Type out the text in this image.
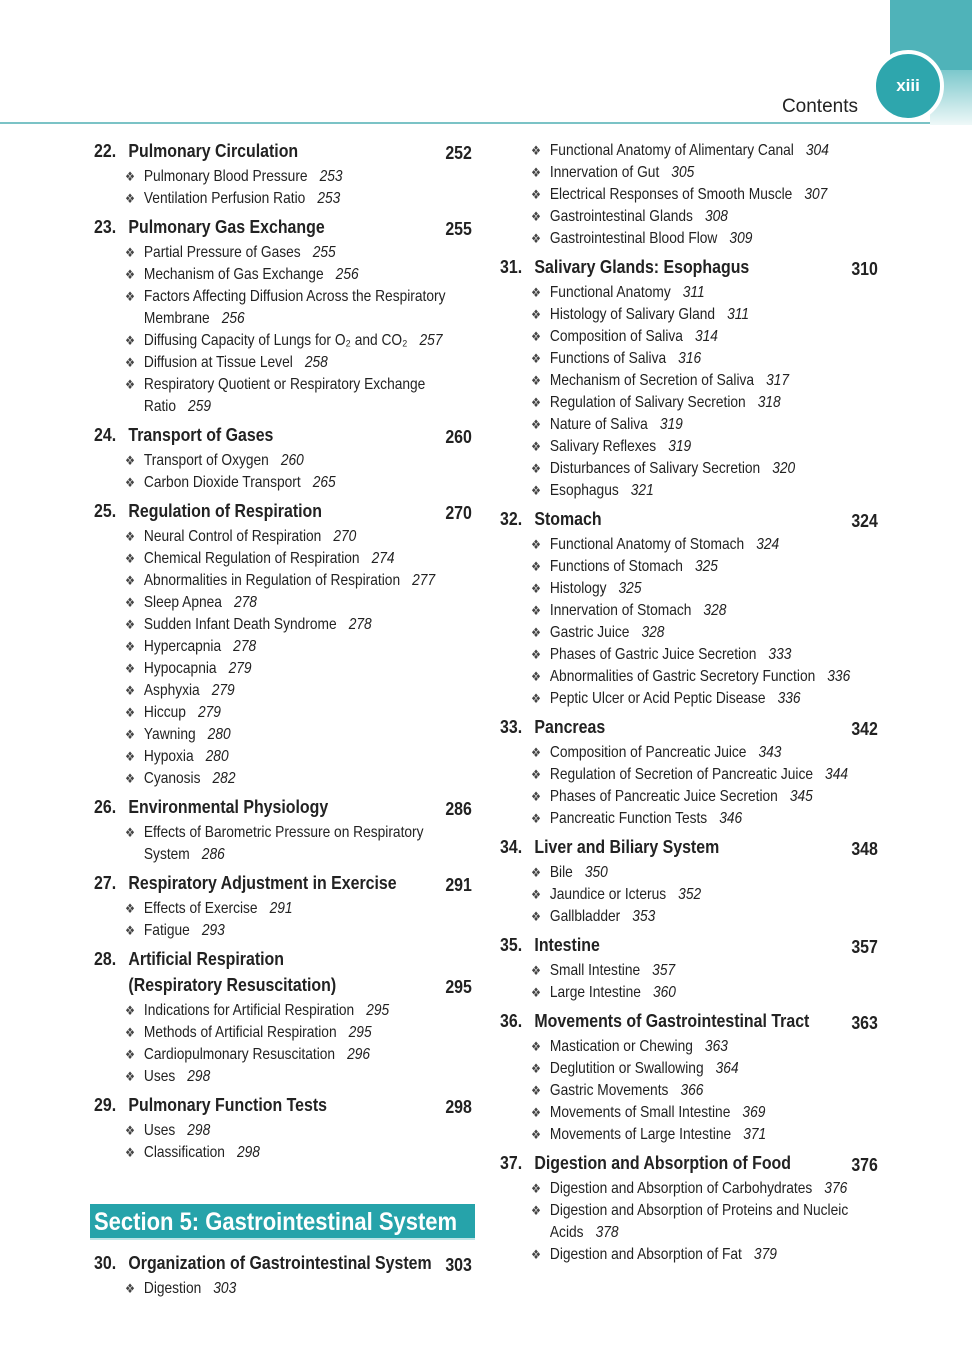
xiii
Contents
22. Pulmonary Circulation	252
❖ Pulmonary Blood Pressure 253
❖ Ventilation Perfusion Ratio 253
23. Pulmonary Gas Exchange	255
❖ Partial Pressure of Gases 255
❖ Mechanism of Gas Exchange 256
❖ Factors Affecting Diffusion Across the Respiratory
Membrane 256
❖ Diffusing Capacity of Lungs for O₂ and CO₂ 257
❖ Diffusion at Tissue Level 258
❖ Respiratory Quotient or Respiratory Exchange
Ratio 259
24. Transport of Gases	260
❖ Transport of Oxygen 260
❖ Carbon Dioxide Transport 265
25. Regulation of Respiration	270
❖ Neural Control of Respiration 270
❖ Chemical Regulation of Respiration 274
❖ Abnormalities in Regulation of Respiration 277
❖ Sleep Apnea 278
❖ Sudden Infant Death Syndrome 278
❖ Hypercapnia 278
❖ Hypocapnia 279
❖ Asphyxia 279
❖ Hiccup 279
❖ Yawning 280
❖ Hypoxia 280
❖ Cyanosis 282
26. Environmental Physiology	286
❖ Effects of Barometric Pressure on Respiratory
System 286
27. Respiratory Adjustment in Exercise	291
❖ Effects of Exercise 291
❖ Fatigue 293
28. Artificial Respiration
(Respiratory Resuscitation)	295
❖ Indications for Artificial Respiration 295
❖ Methods of Artificial Respiration 295
❖ Cardiopulmonary Resuscitation 296
❖ Uses 298
29. Pulmonary Function Tests	298
❖ Uses 298
❖ Classification 298
30. Organization of Gastrointestinal System 303
❖ Digestion 303
❖ Functional Anatomy of Alimentary Canal 304
❖ Innervation of Gut 305
❖ Electrical Responses of Smooth Muscle 307
❖ Gastrointestinal Glands 308
❖ Gastrointestinal Blood Flow 309
31. Salivary Glands: Esophagus	310
❖ Functional Anatomy 311
❖ Histology of Salivary Gland 311
❖ Composition of Saliva 314
❖ Functions of Saliva 316
❖ Mechanism of Secretion of Saliva 317
❖ Regulation of Salivary Secretion 318
❖ Nature of Saliva 319
❖ Salivary Reflexes 319
❖ Disturbances of Salivary Secretion 320
❖ Esophagus 321
32. Stomach	324
❖ Functional Anatomy of Stomach 324
❖ Functions of Stomach 325
❖ Histology 325
❖ Innervation of Stomach 328
❖ Gastric Juice 328
❖ Phases of Gastric Juice Secretion 333
❖ Abnormalities of Gastric Secretory Function 336
❖ Peptic Ulcer or Acid Peptic Disease 336
33. Pancreas	342
❖ Composition of Pancreatic Juice 343
❖ Regulation of Secretion of Pancreatic Juice 344
❖ Phases of Pancreatic Juice Secretion 345
❖ Pancreatic Function Tests 346
34. Liver and Biliary System	348
❖ Bile 350
❖ Jaundice or Icterus 352
❖ Gallbladder 353
35. Intestine	357
❖ Small Intestine 357
❖ Large Intestine 360
36. Movements of Gastrointestinal Tract	363
❖ Mastication or Chewing 363
❖ Deglutition or Swallowing 364
❖ Gastric Movements 366
❖ Movements of Small Intestine 369
❖ Movements of Large Intestine 371
37. Digestion and Absorption of Food	376
❖ Digestion and Absorption of Carbohydrates 376
❖ Digestion and Absorption of Proteins and Nucleic
Acids 378
❖ Digestion and Absorption of Fat 379
Section 5: Gastrointestinal System
